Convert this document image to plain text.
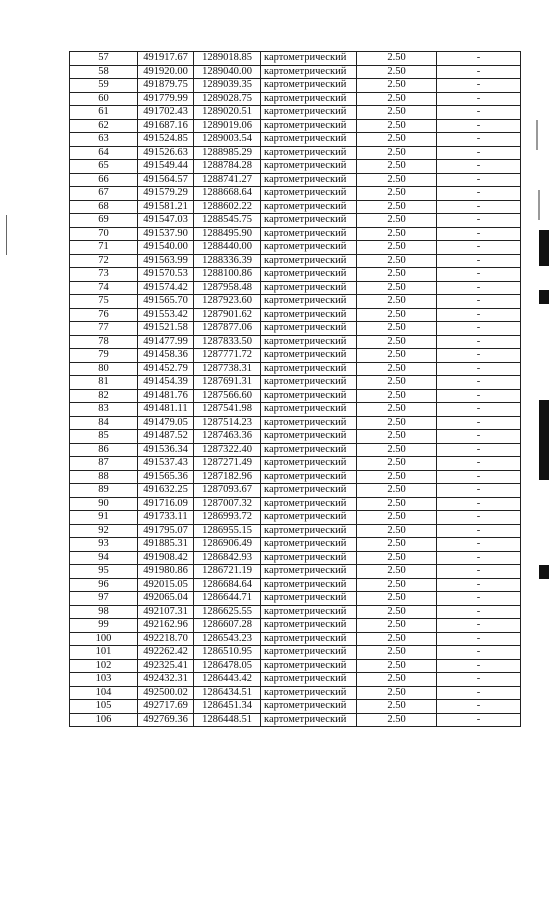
57	491917.67	1289018.85	картометрический	2.50	-
58	491920.00	1289040.00	картометрический	2.50	-
59	491879.75	1289039.35	картометрический	2.50	-
60	491779.99	1289028.75	картометрический	2.50	-
61	491702.43	1289020.51	картометрический	2.50	-
62	491687.16	1289019.06	картометрический	2.50	-
63	491524.85	1289003.54	картометрический	2.50	-
64	491526.63	1288985.29	картометрический	2.50	-
65	491549.44	1288784.28	картометрический	2.50	-
66	491564.57	1288741.27	картометрический	2.50	-
67	491579.29	1288668.64	картометрический	2.50	-
68	491581.21	1288602.22	картометрический	2.50	-
69	491547.03	1288545.75	картометрический	2.50	-
70	491537.90	1288495.90	картометрический	2.50	-
71	491540.00	1288440.00	картометрический	2.50	-
72	491563.99	1288336.39	картометрический	2.50	-
73	491570.53	1288100.86	картометрический	2.50	-
74	491574.42	1287958.48	картометрический	2.50	-
75	491565.70	1287923.60	картометрический	2.50	-
76	491553.42	1287901.62	картометрический	2.50	-
77	491521.58	1287877.06	картометрический	2.50	-
78	491477.99	1287833.50	картометрический	2.50	-
79	491458.36	1287771.72	картометрический	2.50	-
80	491452.79	1287738.31	картометрический	2.50	-
81	491454.39	1287691.31	картометрический	2.50	-
82	491481.76	1287566.60	картометрический	2.50	-
83	491481.11	1287541.98	картометрический	2.50	-
84	491479.05	1287514.23	картометрический	2.50	-
85	491487.52	1287463.36	картометрический	2.50	-
86	491536.34	1287322.40	картометрический	2.50	-
87	491537.43	1287271.49	картометрический	2.50	-
88	491565.36	1287182.96	картометрический	2.50	-
89	491632.25	1287093.67	картометрический	2.50	-
90	491716.09	1287007.32	картометрический	2.50	-
91	491733.11	1286993.72	картометрический	2.50	-
92	491795.07	1286955.15	картометрический	2.50	-
93	491885.31	1286906.49	картометрический	2.50	-
94	491908.42	1286842.93	картометрический	2.50	-
95	491980.86	1286721.19	картометрический	2.50	-
96	492015.05	1286684.64	картометрический	2.50	-
97	492065.04	1286644.71	картометрический	2.50	-
98	492107.31	1286625.55	картометрический	2.50	-
99	492162.96	1286607.28	картометрический	2.50	-
100	492218.70	1286543.23	картометрический	2.50	-
101	492262.42	1286510.95	картометрический	2.50	-
102	492325.41	1286478.05	картометрический	2.50	-
103	492432.31	1286443.42	картометрический	2.50	-
104	492500.02	1286434.51	картометрический	2.50	-
105	492717.69	1286451.34	картометрический	2.50	-
106	492769.36	1286448.51	картометрический	2.50	-
